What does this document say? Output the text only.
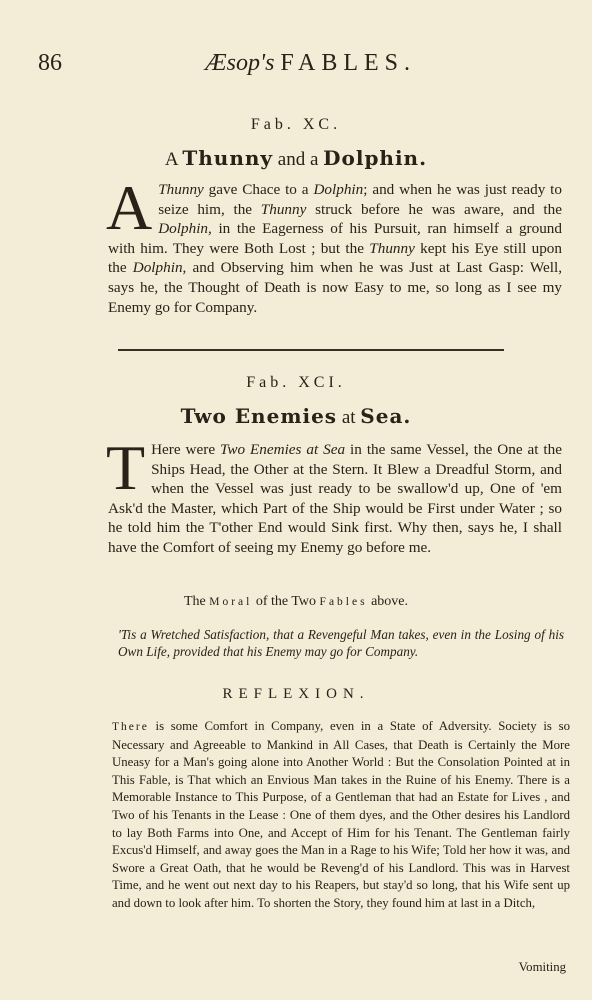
86	Æsop's FABLES.
Fab. XC.
A Thunny and a Dolphin.
A Thunny gave Chace to a Dolphin; and when he was just ready to seize him, the Thunny struck before he was aware, and the Dolphin, in the Eagerness of his Pursuit, ran himself a ground with him. They were Both Lost ; but the Thunny kept his Eye still upon the Dolphin, and Observing him when he was Just at Last Gasp: Well, says he, the Thought of Death is now Easy to me, so long as I see my Enemy go for Company.
Fab. XCI.
Two Enemies at Sea.
T Here were Two Enemies at Sea in the same Vessel, the One at the Ships Head, the Other at the Stern. It Blew a Dreadful Storm, and when the Vessel was just ready to be swallow'd up, One of 'em Ask'd the Master, which Part of the Ship would be First under Water ; so he told him the T'other End would Sink first. Why then, says he, I shall have the Comfort of seeing my Enemy go before me.
The Moral of the Two Fables above.
'Tis a Wretched Satisfaction, that a Revengeful Man takes, even in the Losing of his Own Life, provided that his Enemy may go for Company.
REFLEXION.
There is some Comfort in Company, even in a State of Adversity. Society is so Necessary and Agreeable to Mankind in All Cases, that Death is Certainly the More Uneasy for a Man's going alone into Another World : But the Consolation Pointed at in This Fable, is That which an Envious Man takes in the Ruine of his Enemy. There is a Memorable Instance to This Purpose, of a Gentleman that had an Estate for Lives , and Two of his Tenants in the Lease : One of them dyes, and the Other desires his Landlord to lay Both Farms into One, and Accept of Him for his Tenant. The Gentleman fairly Excus'd Himself, and away goes the Man in a Rage to his Wife; Told her how it was, and Swore a Great Oath, that he would be Reveng'd of his Landlord. This was in Harvest Time, and he went out next day to his Reapers, but stay'd so long, that his Wife sent up and down to look after him. To shorten the Story, they found him at last in a Ditch,
Vomiting
